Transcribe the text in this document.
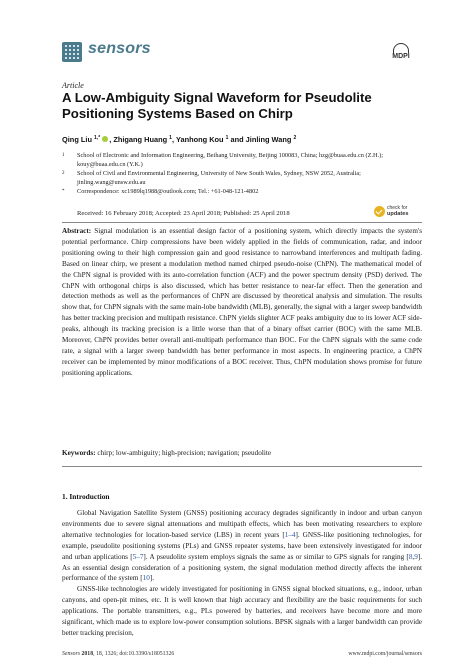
sensors	MDPI
Article
A Low-Ambiguity Signal Waveform for Pseudolite Positioning Systems Based on Chirp
Qing Liu $^{1,*}$ , Zhigang Huang $^1$, Yanhong Kou $^1$ and Jinling Wang $^2$
1	School of Electronic and Information Engineering, Beihang University, Beijing 100083, China; hzg@buaa.edu.cn (Z.H.); kouy@buaa.edu.cn (Y.K.)
2	School of Civil and Environmental Engineering, University of New South Wales, Sydney, NSW 2052, Australia; jinling.wang@unsw.edu.au
*	Correspondence: xc1989lq1988@outlook.com; Tel.: +61-048-121-4802
Received: 16 February 2018; Accepted: 23 April 2018; Published: 25 April 2018
check for
updates
Abstract: Signal modulation is an essential design factor of a positioning system, which directly impacts the system's potential performance. Chirp compressions have been widely applied in the fields of communication, radar, and indoor positioning owing to their high compression gain and good resistance to narrowband interferences and multipath fading. Based on linear chirp, we present a modulation method named chirped pseudo-noise (ChPN). The mathematical model of the ChPN signal is provided with its auto-correlation function (ACF) and the power spectrum density (PSD) derived. The ChPN with orthogonal chirps is also discussed, which has better resistance to near-far effect. Then the generation and detection methods as well as the performances of ChPN are discussed by theoretical analysis and simulation. The results show that, for ChPN signals with the same main-lobe bandwidth (MLB), generally, the signal with a larger sweep bandwidth has better tracking precision and multipath resistance. ChPN yields slighter ACF peaks ambiguity due to its lower ACF side-peaks, although its tracking precision is a little worse than that of a binary offset carrier (BOC) with the same MLB. Moreover, ChPN provides better overall anti-multipath performance than BOC. For the ChPN signals with the same code rate, a signal with a larger sweep bandwidth has better performance in most aspects. In engineering practice, a ChPN receiver can be implemented by minor modifications of a BOC receiver. Thus, ChPN modulation shows promise for future positioning applications.
Keywords: chirp; low-ambiguity; high-precision; navigation; pseudolite
1. Introduction
Global Navigation Satellite System (GNSS) positioning accuracy degrades significantly in indoor and urban canyon environments due to severe signal attenuations and multipath effects, which has been motivating researchers to explore alternative technologies for location-based service (LBS) in recent years [1–4]. GNSS-like positioning technologies, for example, pseudolite positioning systems (PLs) and GNSS repeater systems, have been extensively investigated for indoor and urban applications [5–7]. A pseudolite system employs signals the same as or similar to GPS signals for ranging [8,9]. As an essential design consideration of a positioning system, the signal modulation method directly affects the inherent performance of the system [10].
GNSS-like technologies are widely investigated for positioning in GNSS signal blocked situations, e.g., indoor, urban canyons, and open-pit mines, etc. It is well known that high accuracy and flexibility are the basic requirements for such applications. The portable transmitters, e.g., PLs powered by batteries, and receivers have become more and more significant, which made us to explore low-power consumption solutions. BPSK signals with a larger bandwidth can provide better tracking precision,
Sensors 2018, 18, 1326; doi:10.3390/s18051326	www.mdpi.com/journal/sensors
